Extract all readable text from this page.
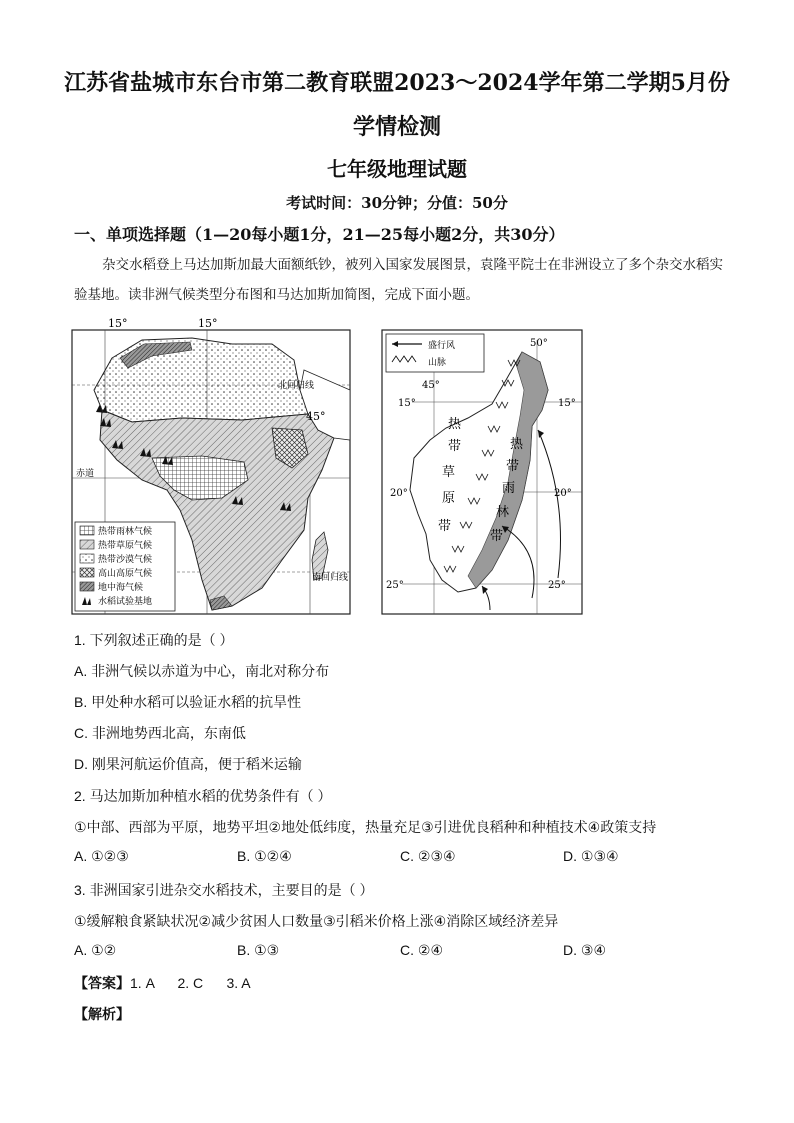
江苏省盐城市东台市第二教育联盟2023～2024学年第二学期5月份
学情检测
七年级地理试题
考试时间：30分钟；分值：50分
一、单项选择题（1—20每小题1分，21—25每小题2分，共30分）
杂交水稻登上马达加斯加最大面额纸钞，被列入国家发展图景，袁隆平院士在非洲设立了多个杂交水稻实验基地。读非洲气候类型分布图和马达加斯加简图，完成下面小题。
15°	15°
45°
北回归线
赤道
南回归线
热带雨林气候
热带草原气候
热带沙漠气候
高山高原气候
地中海气候
水稻试验基地
盛行风
山脉
50°
45°
15°	15°
20°	20°
25°	25°
热
带
草
原
带
热
带
雨
林
带
1. 下列叙述正确的是（ ）
A. 非洲气候以赤道为中心，南北对称分布
B. 甲处种水稻可以验证水稻的抗旱性
C. 非洲地势西北高，东南低
D. 刚果河航运价值高，便于稻米运输
2. 马达加斯加种植水稻的优势条件有（ ）
①中部、西部为平原，地势平坦②地处低纬度，热量充足③引进优良稻种和种植技术④政策支持
A. ①②③	B. ①②④	C. ②③④	D. ①③④
3. 非洲国家引进杂交水稻技术，主要目的是（ ）
①缓解粮食紧缺状况②减少贫困人口数量③引稻米价格上涨④消除区域经济差异
A. ①②	B. ①③	C. ②④	D. ③④
【答案】1. A      2. C      3. A
【解析】
